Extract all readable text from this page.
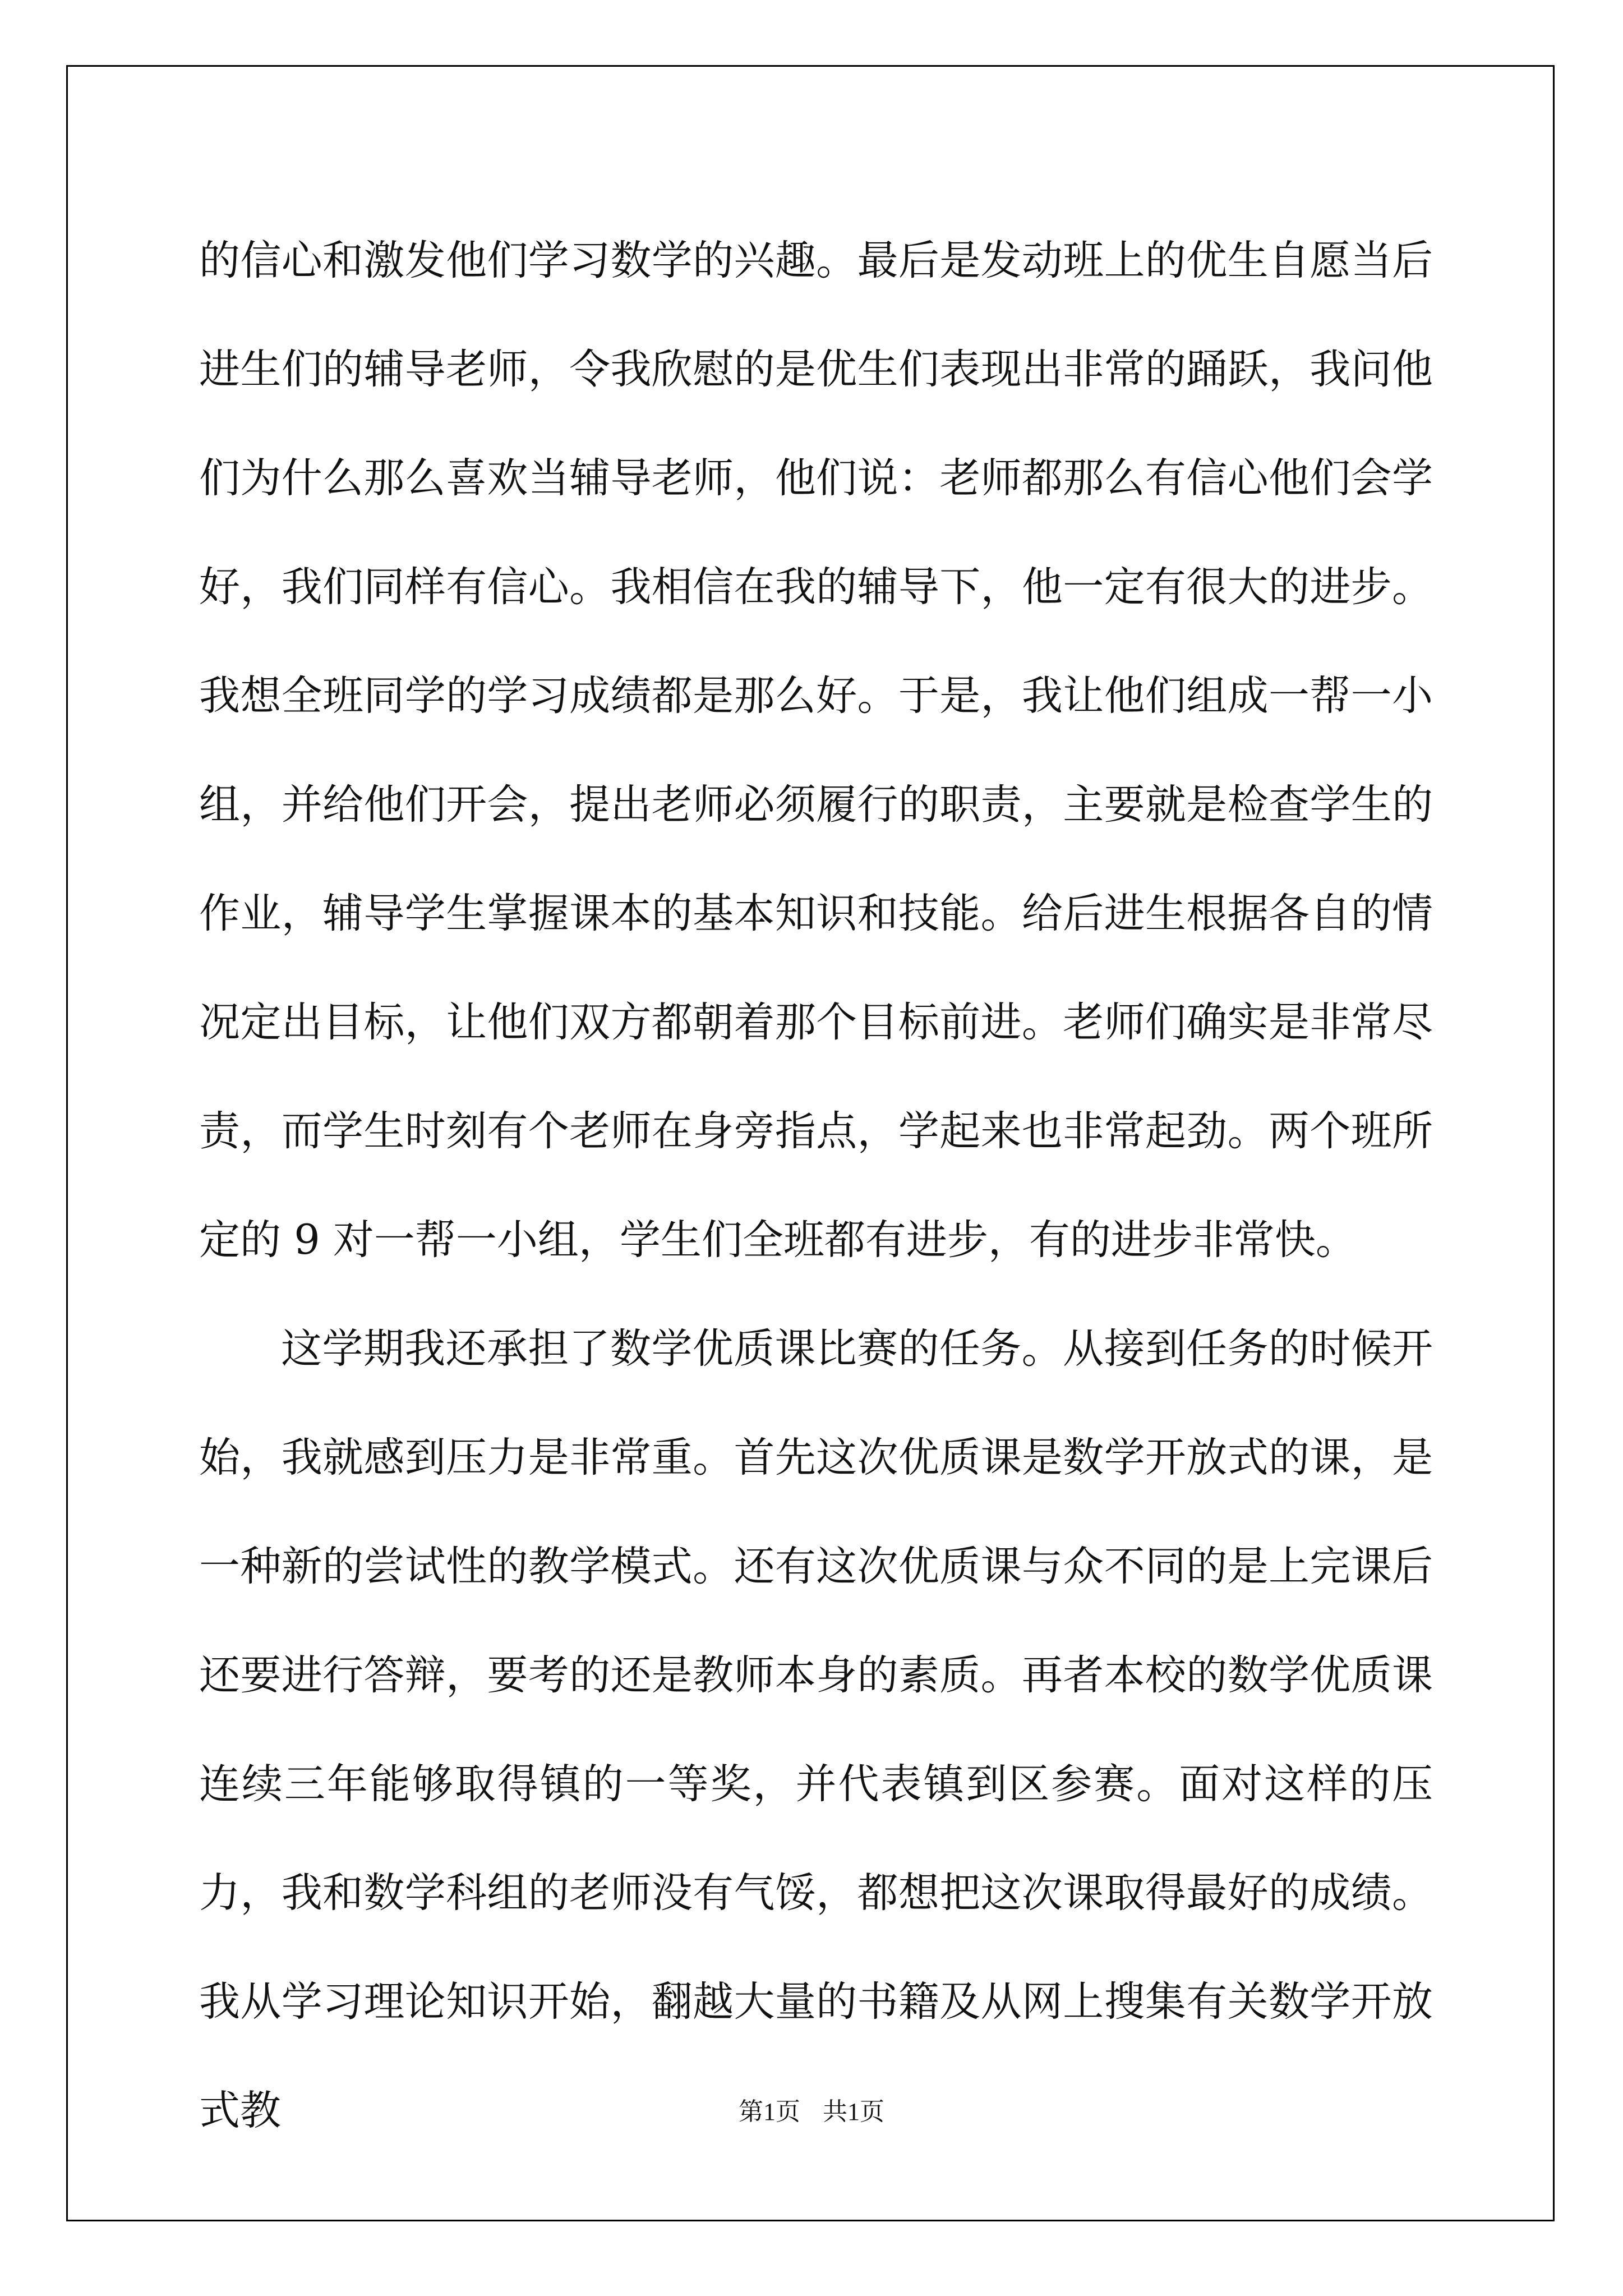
的信心和激发他们学习数学的兴趣。最后是发动班上的优生自愿当后进生们的辅导老师，令我欣慰的是优生们表现出非常的踊跃，我问他们为什么那么喜欢当辅导老师，他们说：老师都那么有信心他们会学好，我们同样有信心。我相信在我的辅导下，他一定有很大的进步。我想全班同学的学习成绩都是那么好。于是，我让他们组成一帮一小组，并给他们开会，提出老师必须履行的职责，主要就是检查学生的作业，辅导学生掌握课本的基本知识和技能。给后进生根据各自的情况定出目标，让他们双方都朝着那个目标前进。老师们确实是非常尽责，而学生时刻有个老师在身旁指点，学起来也非常起劲。两个班所定的 9 对一帮一小组，学生们全班都有进步，有的进步非常快。

这学期我还承担了数学优质课比赛的任务。从接到任务的时候开始，我就感到压力是非常重。首先这次优质课是数学开放式的课，是一种新的尝试性的教学模式。还有这次优质课与众不同的是上完课后还要进行答辩，要考的还是教师本身的素质。再者本校的数学优质课连续三年能够取得镇的一等奖，并代表镇到区参赛。面对这样的压力，我和数学科组的老师没有气馁，都想把这次课取得最好的成绩。我从学习理论知识开始，翻越大量的书籍及从网上搜集有关数学开放式教	第1页 共1页
